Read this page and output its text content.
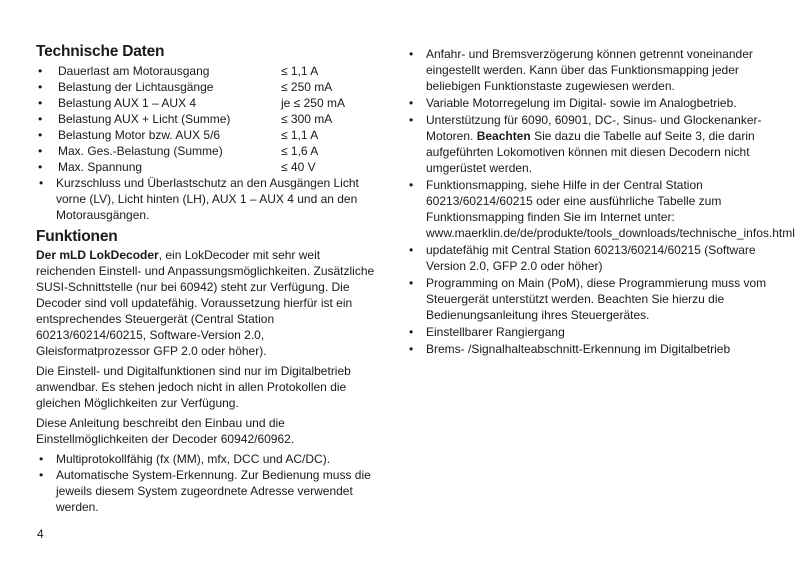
Technische Daten
•	Dauerlast am Motorausgang	≤ 1,1 A
•	Belastung der Lichtausgänge	≤ 250 mA
•	Belastung AUX 1 – AUX 4	je ≤ 250 mA
•	Belastung AUX + Licht (Summe)	≤ 300 mA
•	Belastung Motor bzw. AUX 5/6	≤ 1,1 A
•	Max. Ges.-Belastung (Summe)	≤ 1,6 A
•	Max. Spannung	≤ 40 V
• Kurzschluss und Überlastschutz an den Ausgängen Licht vorne (LV), Licht hinten (LH), AUX 1 – AUX 4 und an den Motorausgängen.
Funktionen

Der mLD LokDecoder, ein LokDecoder mit sehr weit reichenden Einstell- und Anpassungsmöglichkeiten. Zusätzliche SUSI-Schnittstelle (nur bei 60942) steht zur Verfügung. Die Decoder sind voll updatefähig. Voraussetzung hierfür ist ein entsprechendes Steuergerät (Central Station 60213/60214/60215, Software-Version 2.0, Gleisformatprozessor GFP 2.0 oder höher).

Die Einstell- und Digitalfunktionen sind nur im Digitalbetrieb anwendbar. Es stehen jedoch nicht in allen Protokollen die gleichen Möglichkeiten zur Verfügung.

Diese Anleitung beschreibt den Einbau und die Einstellmöglichkeiten der Decoder 60942/60962.

• Multiprotokollfähig (fx (MM), mfx, DCC und AC/DC).
• Automatische System-Erkennung. Zur Bedienung muss die jeweils diesem System zugeordnete Adresse verwendet werden.
• Anfahr- und Bremsverzögerung können getrennt voneinander eingestellt werden. Kann über das Funktionsmapping jeder beliebigen Funktionstaste zugewiesen werden.
• Variable Motorregelung im Digital- sowie im Analogbetrieb.
• Unterstützung für 6090, 60901, DC-, Sinus- und Glockenanker-Motoren. Beachten Sie dazu die Tabelle auf Seite 3, die darin aufgeführten Lokomotiven können mit diesen Decodern nicht umgerüstet werden.
• Funktionsmapping, siehe Hilfe in der Central Station 60213/60214/60215 oder eine ausführliche Tabelle zum Funktionsmapping finden Sie im Internet unter: www.maerklin.de/de/produkte/tools_downloads/technische_infos.html
• updatefähig mit Central Station 60213/60214/60215 (Software Version 2.0, GFP 2.0 oder höher)
• Programming on Main (PoM), diese Programmierung muss vom Steuergerät unterstützt werden. Beachten Sie hierzu die Bedienungsanleitung ihres Steuergerätes.
• Einstellbarer Rangiergang
• Brems- /Signalhalteabschnitt-Erkennung im Digitalbetrieb
4
